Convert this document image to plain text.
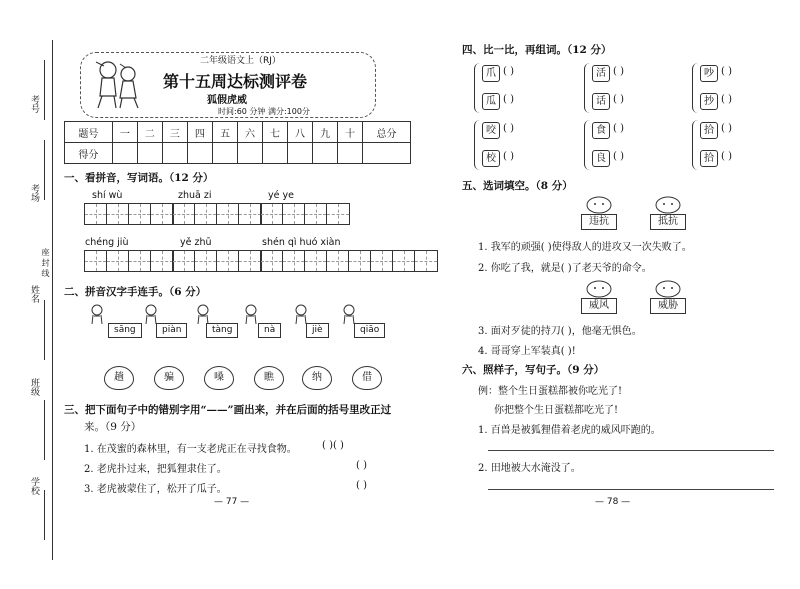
考号
考场
座 封 线
姓名
班级
学校
二年级语文上（RJ）
第十五周达标测评卷
狐假虎威
时间:60 分钟 满分:100分
题号	一	二	三	四	五	六	七	八	九	十	总分
得分											
一、看拼音，写词语。（12 分）
shí wù	zhuā zi	yé ye
chéng jiù	yě zhū	shén qì huó xiàn
二、拼音汉字手连手。（6 分）
sāng	piàn	tàng	nà	jiè	qiāo
趟	骗	嗓	瞧	纳	借
三、把下面句子中的错别字用“——”画出来，并在后面的括号里改正过
来。（9 分）
1. 在茂蜜的森林里，有一支老虎正在寻找食物。	( )( )
2. 老虎扑过来，把狐狸隶住了。	( )
3. 老虎被蒙住了，松开了瓜子。	( )
— 77 —
四、比一比，再组词。（12 分）
爪 ( )
瓜 ( )
活 ( )
话 ( )
吵 ( )
抄 ( )
咬 ( )
校 ( )
食 ( )
良 ( )
拾 ( )
拾 ( )
五、选词填空。（8 分）
违抗	抵抗
1. 我军的顽强( )使得敌人的进攻又一次失败了。
2. 你吃了我，就是( )了老天爷的命令。
威风	威胁
3. 面对歹徒的持刀( )，他毫无惧色。
4. 哥哥穿上军装真( )!
六、照样子，写句子。（9 分）
例：整个生日蛋糕都被你吃光了!
你把整个生日蛋糕都吃光了!
1. 百兽是被狐狸借着老虎的威风吓跑的。
2. 田地被大水淹没了。
— 78 —
